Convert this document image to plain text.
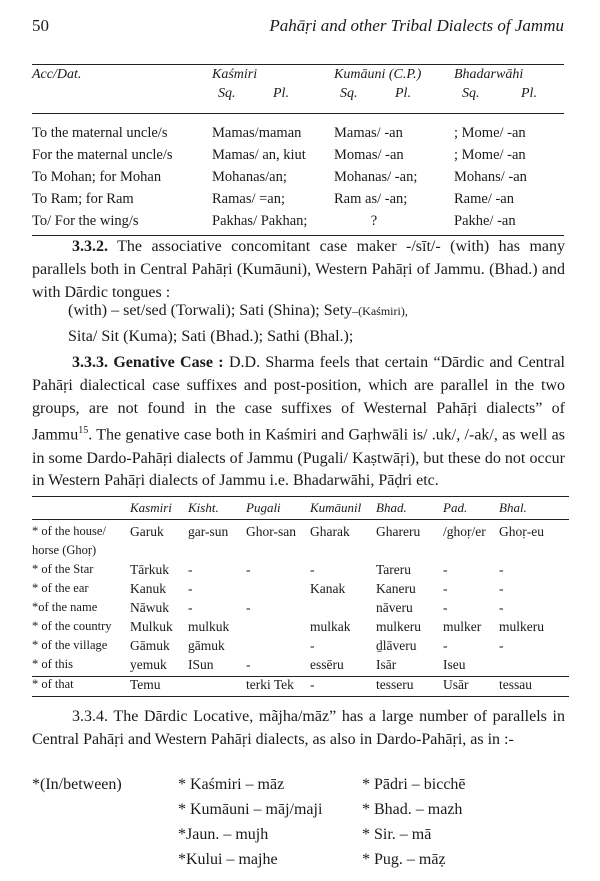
50	Pahāṛi and other Tribal Dialects of Jammu
Acc/Dat.	Kaśmiri	Kumāuni (C.P.)	Bhadarwāhi
	Sq. Pl.	Sq. Pl.	Sq. Pl.

To the maternal uncle/s	Mamas/maman	Mamas/ -an	; Mome/ -an
For the maternal uncle/s	Mamas/ an, kiut	Momas/ -an	; Mome/ -an
To Mohan; for Mohan	Mohanas/an;	Mohanas/ -an;	Mohans/ -an
To Ram; for Ram	Ramas/ =an;	Ram as/ -an;	Rame/ -an
To/ For the wing/s	Pakhas/ Pakhan;	?	Pakhe/ -an
3.3.2. The associative concomitant case maker -/sīt/- (with) has many parallels both in Central Pahāṛi (Kumāuni), Western Pahāṛi of Jammu. (Bhad.) and with Dārdic tongues :
(with) – set/sed (Torwali); Sati (Shina); Sety–(Kaśmiri),
Sita/ Sit (Kuma); Sati (Bhad.); Sathi (Bhal.);
3.3.3. Genative Case : D.D. Sharma feels that certain “Dārdic and Central Pahāṛi dialectical case suffixes and post-position, which are parallel in the two groups, are not found in the case suffixes of Westernal Pahāṛi dialects” of Jammu$^{15}$. The genative case both in Kaśmiri and Gaṛhwāli is/ .uk/, /-ak/, as well as in some Dardo-Pahāṛi dialects of Jammu (Pugali/ Kaṣtwāṛi), but these do not occur in Western Pahāṛi dialects of Jammu i.e. Bhadarwāhi, Pāḍri etc.
	Kasmiri	Kisht.	Pugali	Kumāunil	Bhad.	Pad.	Bhal.

* of the house/	Garuk	gar-sun	Ghor-san	Gharak	Ghareru	/ghoṛ/er	Ghoṛ-eu
horse (Ghoṛ)							
* of the Star	Tārkuk	-	-	-	Tareru	-	-
* of the ear	Kanuk	-		Kanak	Kaneru	-	-
*of the name	Nāwuk	-	-		nāveru	-	-
* of the country	Mulkuk	mulkuk		mulkak	mulkeru	mulker	mulkeru
* of the village	Gāmuk	gāmuk		-	ḏlāveru	-	-
* of this	yemuk	ISun	-	essēru	Isār	Iseu	
* of that	Temu		terki Tek	-	tesseru	Usār	tessau
3.3.4. The Dārdic Locative, mãjha/māz” has a large number of parallels in Central Pahāṛi and Western Pahāṛi dialects, as also in Dardo-Pahāṛi, as in :-
*(In/between)	* Kaśmiri – māz
* Kumāuni – māj/maji
*Jaun. – mujh
*Kului – majhe
* Pādri – bicchē
* Bhad. – mazh
* Sir. – mā
* Pug. – māẓ
